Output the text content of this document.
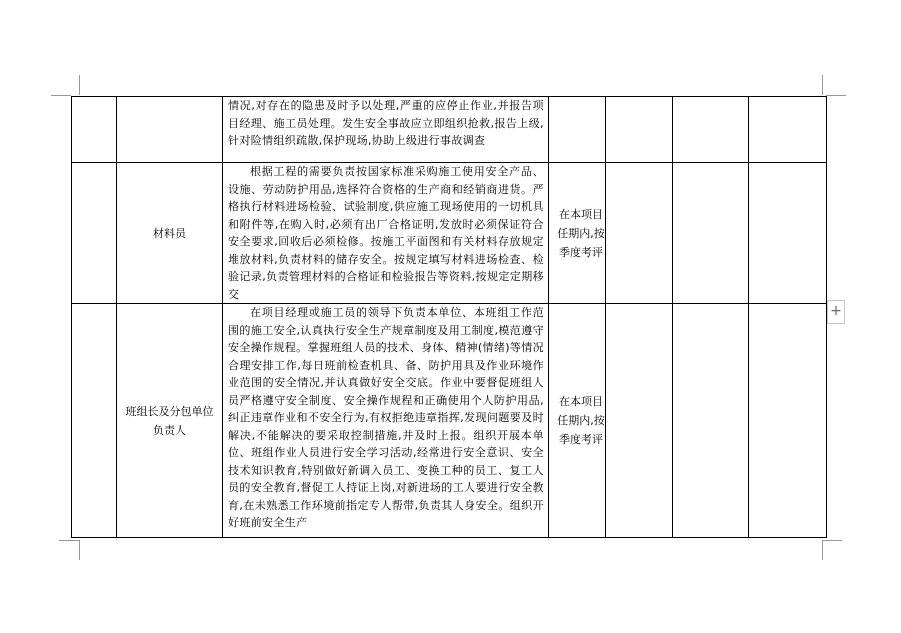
		情况,对存在的隐患及时予以处理,严重的应停止作业,并报告项目经理、施工员处理。发生安全事故应立即组织抢救,报告上级,针对险情组织疏散,保护现场,协助上级进行事故调查				
	材料员	根据工程的需要负责按国家标准采购施工使用安全产品、设施、劳动防护用品,选择符合资格的生产商和经销商进货。严格执行材料进场检验、试验制度,供应施工现场使用的一切机具和附件等,在购入时,必须有出厂合格证明,发放时必须保证符合安全要求,回收后必须检修。按施工平面图和有关材料存放规定堆放材料,负责材料的储存安全。按规定填写材料进场检查、检验记录,负责管理材料的合格证和检验报告等资料,按规定定期移交	在本项目任期内,按季度考评			
	班组长及分包单位负责人	在项目经理或施工员的领导下负责本单位、本班组工作范围的施工安全,认真执行安全生产规章制度及用工制度,模范遵守安全操作规程。掌握班组人员的技术、身体、精神(情绪)等情况合理安排工作,每日班前检查机具、备、防护用具及作业环境作业范围的安全情况,并认真做好安全交底。作业中要督促班组人员严格遵守安全制度、安全操作规程和正确使用个人防护用品,纠正违章作业和不安全行为,有权拒绝违章指挥,发现问题要及时解决,不能解决的要采取控制措施,并及时上报。组织开展本单位、班组作业人员进行安全学习活动,经常进行安全意识、安全技术知识教育,特别做好新调入员工、变换工种的员工、复工人员的安全教育,督促工人持证上岗,对新进场的工人要进行安全教育,在未熟悉工作环境前指定专人帮带,负责其人身安全。组织开好班前安全生产	在本项目任期内,按季度考评			
+
